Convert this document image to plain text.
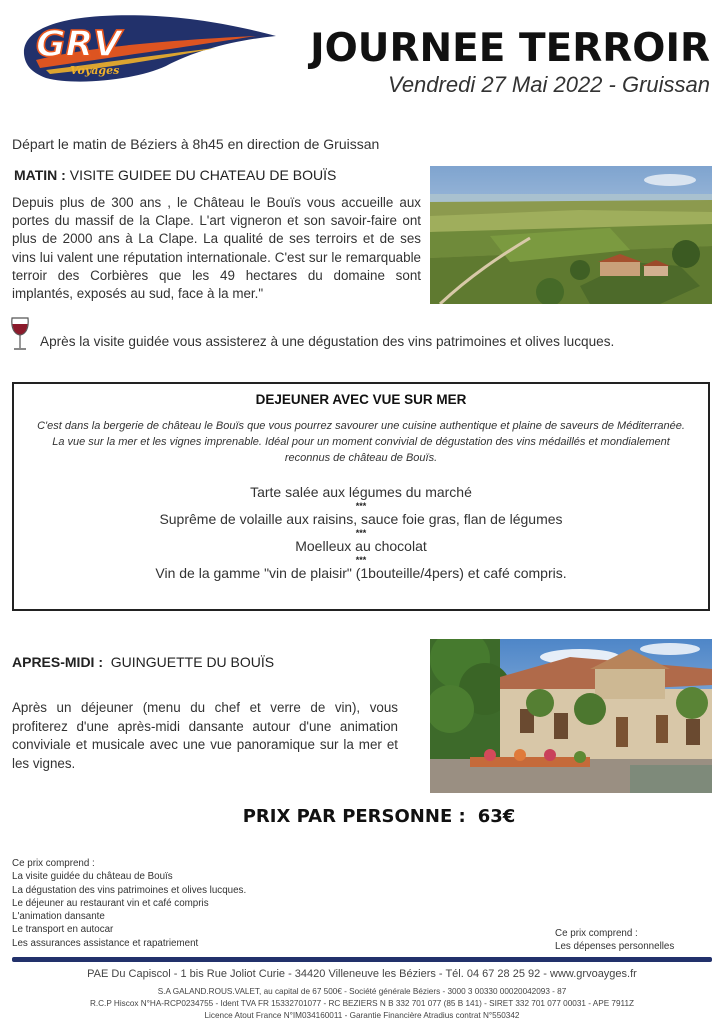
GRV
Voyages	JOURNEE TERROIR
Vendredi 27 Mai 2022 - Gruissan
Départ le matin de Béziers à 8h45 en direction de Gruissan
MATIN : VISITE GUIDEE DU CHATEAU DE BOUÏS
Depuis plus de 300 ans , le Château le Bouïs vous accueille aux portes du massif de la Clape. L'art vigneron et son savoir-faire ont plus de 2000 ans à La Clape. La qualité de ses terroirs et de ses vins lui valent une réputation internationale. C'est sur le remarquable terroir des Corbières que les 49 hectares du domaine sont implantés, exposés au sud, face à la mer."
Après la visite guidée vous assisterez à une dégustation des vins patrimoines et olives lucques.
DEJEUNER AVEC VUE SUR MER
C'est dans la bergerie de château le Bouïs que vous pourrez savourer une cuisine authentique et plaine de saveurs de Méditerranée.
La vue sur la mer et les vignes imprenable. Idéal pour un moment convivial de dégustation des vins médaillés et mondialement
reconnus de château de Bouïs.
Tarte salée aux légumes du marché
***
Suprême de volaille aux raisins, sauce foie gras, flan de légumes
***
Moelleux au chocolat
***
Vin de la gamme "vin de plaisir" (1bouteille/4pers) et café compris.
APRES-MIDI : GUINGUETTE DU BOUÏS
Après un déjeuner (menu du chef et verre de vin), vous profiterez d'une après-midi dansante autour d'une animation conviviale et musicale avec une vue panoramique sur la mer et les vignes.
PRIX PAR PERSONNE : 63€
Ce prix comprend :
La visite guidée du château de Bouïs
La dégustation des vins patrimoines et olives lucques.
Le déjeuner au restaurant vin et café compris
L'animation dansante
Le transport en autocar
Les assurances assistance et rapatriement
Ce prix comprend :
Les dépenses personnelles
PAE Du Capiscol - 1 bis Rue Joliot Curie - 34420 Villeneuve les Béziers - Tél. 04 67 28 25 92 - www.grvoayges.fr
S.A GALAND.ROUS.VALET, au capital de 67 500€ - Société générale Béziers - 3000 3 00330 00020042093 - 87
R.C.P Hiscox N°HA-RCP0234755 - Ident TVA FR 15332701077 - RC BEZIERS N B 332 701 077 (85 B 141) - SIRET 332 701 077 00031 - APE 7911Z
Licence Atout France N°IM034160011 - Garantie Financière Atradius contrat N°550342
